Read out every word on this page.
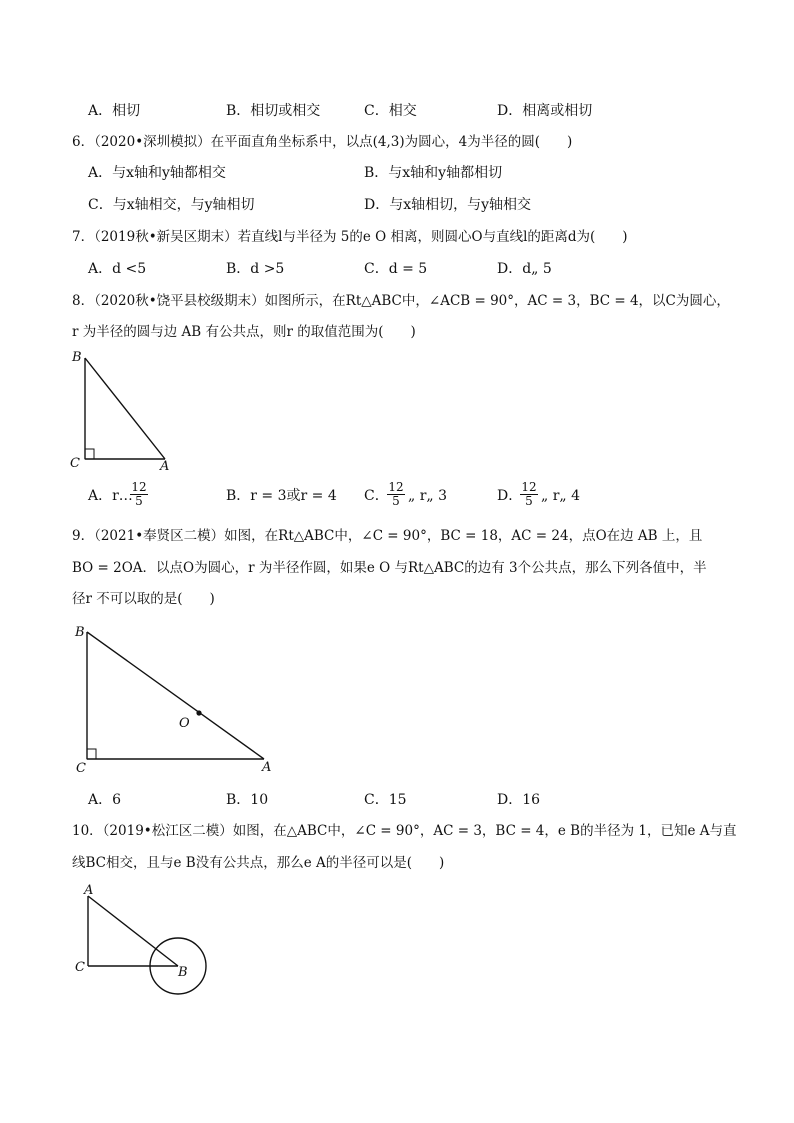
A．相切	B．相切或相交	C．相交	D．相离或相切
6．（2020•深圳模拟）在平面直角坐标系中，以点(4,3)为圆心，4为半径的圆(　　)
A．与x轴和y轴都相交	B．与x轴和y轴都相切
C．与x轴相交，与y轴相切	D．与x轴相切，与y轴相交
7．（2019秋•新吴区期末）若直线l与半径为 5的e O 相离，则圆心O与直线l的距离d为(　　)
A．d <5	B．d >5	C．d = 5	D．d„ 5
8．（2020秋•饶平县校级期末）如图所示，在Rt△ABC中，∠ACB = 90°，AC = 3，BC = 4，以C为圆心，
r 为半径的圆与边 AB 有公共点，则r 的取值范围为(　　)
B
C	A
A．r…
$\frac{12}{5}$	B．r = 3或r = 4 C．
$\frac{12}{5}$ „ r„ 3	D．
$\frac{12}{5}$ „ r„ 4
9．（2021•奉贤区二模）如图，在Rt△ABC中，∠C = 90°，BC = 18，AC = 24，点O在边 AB 上，且
BO = 2OA．以点O为圆心，r 为半径作圆，如果e O 与Rt△ABC的边有 3个公共点，那么下列各值中，半
径r 不可以取的是(　　)
B
C	A
O
A．6	B．10	C．15	D．16
10．（2019•松江区二模）如图，在△ABC中，∠C = 90°，AC = 3，BC = 4，e B的半径为 1，已知e A与直
线BC相交，且与e B没有公共点，那么e A的半径可以是(　　)
A
C	B
